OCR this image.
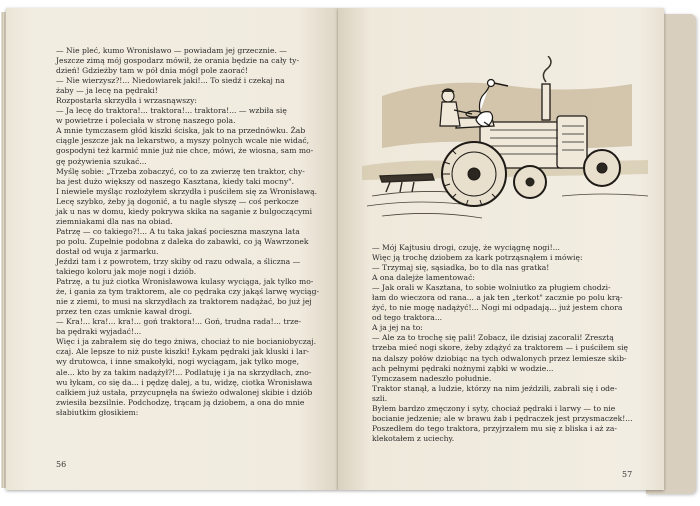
— Nie pleć, kumo Wronisławo — powiadam jej grzecznie. —

Jeszcze zimą mój gospodarz mówił, że orania będzie na cały ty-

dzień! Gdzieżby tam w pół dnia mógł pole zaorać!

— Nie wierzysz?!... Niedowiarek jaki!... To siedź i czekaj na

żaby — ja lecę na pędraki!

Rozpostarła skrzydła i wrzasnąwszy:

— Ja lecę do traktora!... traktora!... traktora!... — wzbiła się

w powietrze i poleciała w stronę naszego pola.

A mnie tymczasem głód kiszki ściska, jak to na przednówku. Żab

ciągle jeszcze jak na lekarstwo, a myszy polnych wcale nie widać,

gospodyni też karmić mnie już nie chce, mówi, że wiosna, sam mo-

gę pożywienia szukać...

Myślę sobie: „Trzeba zobaczyć, co to za zwierzę ten traktor, chy-

ba jest dużo większy od naszego Kasztana, kiedy taki mocny".

I niewiele myśląc rozłożyłem skrzydła i puściłem się za Wronisławą.

Lecę szybko, żeby ją dogonić, a tu nagle słyszę — coś perkocze

jak u nas w domu, kiedy pokrywa skika na saganie z bulgoczącymi

ziemniakami dla nas na obiad.

Patrzę — co takiego?!... A tu taka jakaś pocieszna maszyna lata

po polu. Zupełnie podobna z daleka do zabawki, co ją Wawrzonek

dostał od wuja z jarmarku.

Jeździ tam i z powrotem, trzy skiby od razu odwala, a śliczna —

takiego koloru jak moje nogi i dziób.

Patrzę, a tu już ciotka Wronisławowa kulasy wyciąga, jak tylko mo-

że, i gania za tym traktorem, ale co pędraka czy jakąś larwę wyciąg-

nie z ziemi, to musi na skrzydłach za traktorem nadążać, bo już jej

przez ten czas umknie kawał drogi.

— Kra!... kra!... kra!... goń traktora!... Goń, trudna rada!... trze-

ba pędraki wyjadać!...

Więc i ja zabrałem się do tego żniwa, chociaż to nie bocianiobyczaj.

czaj. Ale lepsze to niż puste kiszki! Łykam pędraki jak kluski i lar-

wy drutowca, i inne smakołyki, nogi wyciągam, jak tylko moge,

ale... kto by za takim nadążył?!... Podlatuję i ja na skrzydłach, zno-

wu łykam, co się da... i pędzę dalej, a tu, widzę, ciotka Wronisława

całkiem już ustała, przycupnęła na świeżo odwalonej skibie i dziób

zwiesiła bezsilnie. Podchodzę, trącam ją dziobem, a ona do mnie

słabiutkim głosikiem:

56

— Mój Kajtusiu drogi, czuję, że wyciągnę nogi!...

Więc ją trochę dziobem za kark potrząsnąłem i mówię:

— Trzymaj się, sąsiadka, bo to dla nas gratka!

A ona dalejże lamentować:

— Jak orali w Kasztana, to sobie wolniutko za pługiem chodzi-

łam do wieczora od rana... a jak ten „terkot" zacznie po polu krą-

żyć, to nie mogę nadążyć!... Nogi mi odpadają... już jestem chora

od tego traktora...

A ja jej na to:

— Ale za to trochę się pali! Zobacz, ile dzisiaj zacorali! Zresztą

trzeba mieć nogi skore, żeby zdążyć za traktorem — i puściłem się

na dalszy połów dziobiąc na tych odwalonych przez lemiesze skib-

ach pełnymi pędraki nożnymi ząbki w wodzie...

Tymczasem nadeszło południe.

Traktor stanął, a ludzie, którzy na nim jeździli, zabrali się i ode-

szli.

Byłem bardzo zmęczony i syty, chociaż pędraki i larwy — to nie

bocianie jedzenie; ale w brawu żab i pędraczek jest przysmaczek!...

Poszedłem do tego traktora, przyjrzałem mu się z bliska i aż za-

klekotałem z uciechy.

57
